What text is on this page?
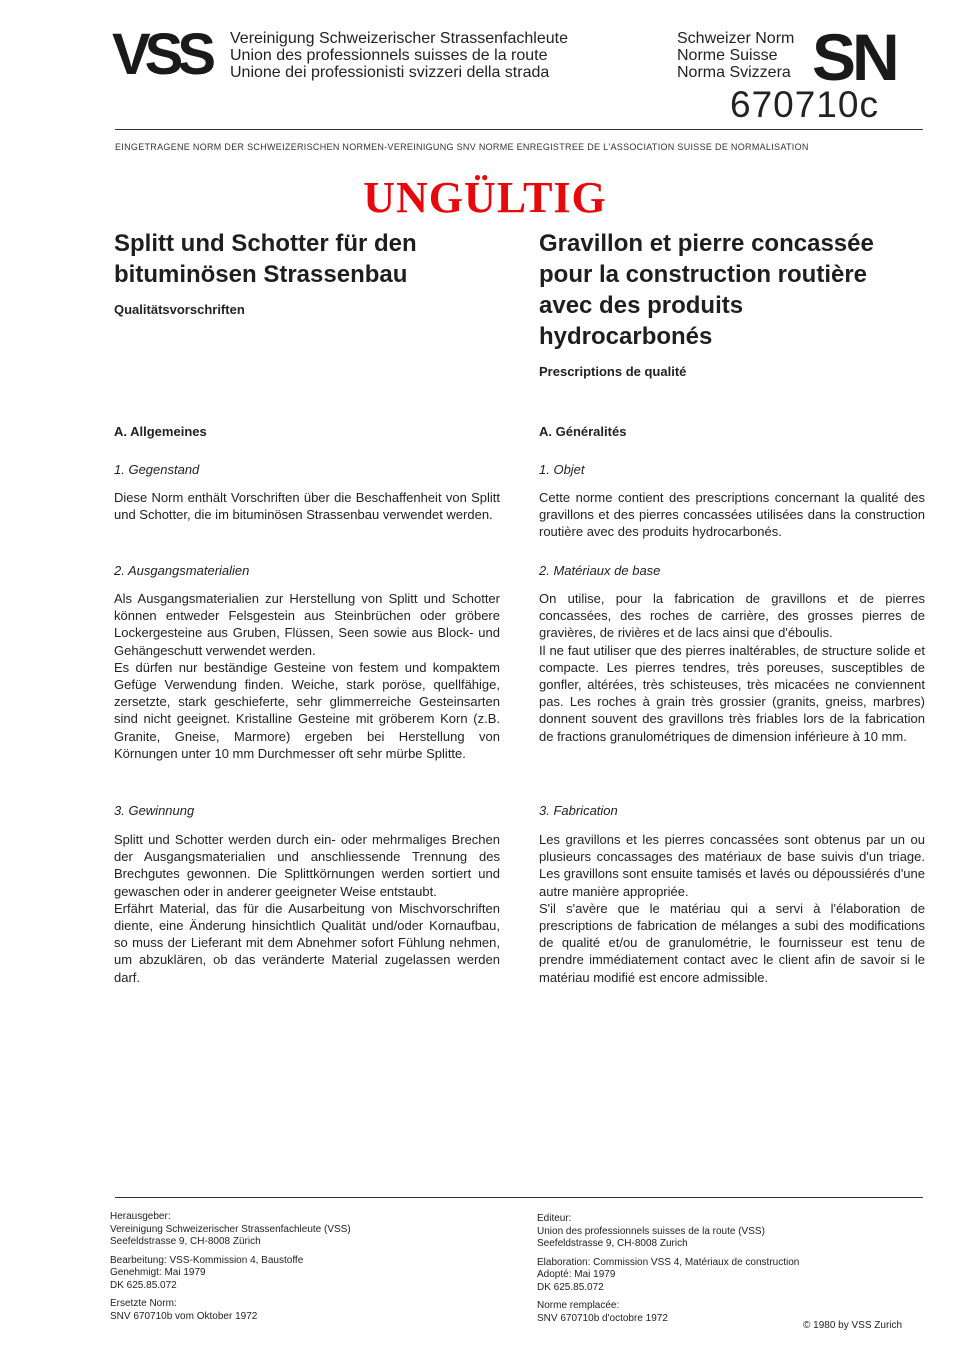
VSS Vereinigung Schweizerischer Strassenfachleute
Union des professionnels suisses de la route
Unione dei professionisti svizzeri della strada
Schweizer Norm
Norme Suisse
Norma Svizzera SN
670710c
EINGETRAGENE NORM DER SCHWEIZERISCHEN NORMEN-VEREINIGUNG SNV NORME ENREGISTREE DE L'ASSOCIATION SUISSE DE NORMALISATION
UNGÜLTIG
Splitt und Schotter für den
bituminösen Strassenbau
Qualitätsvorschriften
A. Allgemeines
1. Gegenstand

Diese Norm enthält Vorschriften über die Beschaffenheit von Splitt und Schotter, die im bituminösen Strassenbau verwendet werden.

2. Ausgangsmaterialien

Als Ausgangsmaterialien zur Herstellung von Splitt und Schotter können entweder Felsgestein aus Steinbrüchen oder gröbere Lockergesteine aus Gruben, Flüssen, Seen sowie aus Block- und Gehängeschutt verwendet werden.

Es dürfen nur beständige Gesteine von festem und kompaktem Gefüge Verwendung finden. Weiche, stark poröse, quellfähige, zersetzte, stark geschieferte, sehr glimmerreiche Gesteinsarten sind nicht geeignet. Kristalline Gesteine mit gröberem Korn (z.B. Granite, Gneise, Marmore) ergeben bei Herstellung von Körnungen unter 10 mm Durchmesser oft sehr mürbe Splitte.

3. Gewinnung

Splitt und Schotter werden durch ein- oder mehrmaliges Brechen der Ausgangsmaterialien und anschliessende Trennung des Brechgutes gewonnen. Die Splittkörnungen werden sortiert und gewaschen oder in anderer geeigneter Weise entstaubt.

Erfährt Material, das für die Ausarbeitung von Mischvorschriften diente, eine Änderung hinsichtlich Qualität und/oder Kornaufbau, so muss der Lieferant mit dem Abnehmer sofort Fühlung nehmen, um abzuklären, ob das veränderte Material zugelassen werden darf.

Gravillon et pierre concassée
pour la construction routière
avec des produits
hydrocarbonés
Prescriptions de qualité
A. Généralités
1. Objet

Cette norme contient des prescriptions concernant la qualité des gravillons et des pierres concassées utilisées dans la construction routière avec des produits hydrocarbonés.

2. Matériaux de base

On utilise, pour la fabrication de gravillons et de pierres concassées, des roches de carrière, des grosses pierres de gravières, de rivières et de lacs ainsi que d'éboulis.

Il ne faut utiliser que des pierres inaltérables, de structure solide et compacte. Les pierres tendres, très poreuses, susceptibles de gonfler, altérées, très schisteuses, très micacées ne conviennent pas. Les roches à grain très grossier (granits, gneiss, marbres) donnent souvent des gravillons très friables lors de la fabrication de fractions granulométriques de dimension inférieure à 10 mm.

3. Fabrication

Les gravillons et les pierres concassées sont obtenus par un ou plusieurs concassages des matériaux de base suivis d'un triage. Les gravillons sont ensuite tamisés et lavés ou dépoussiérés d'une autre manière appropriée.

S'il s'avère que le matériau qui a servi à l'élaboration de prescriptions de fabrication de mélanges a subi des modifications de qualité et/ou de granulométrie, le fournisseur est tenu de prendre immédiatement contact avec le client afin de savoir si le matériau modifié est encore admissible.

Herausgeber:
Vereinigung Schweizerischer Strassenfachleute (VSS)
Seefeldstrasse 9, CH-8008 Zürich
Bearbeitung: VSS-Kommission 4, Baustoffe
Genehmigt: Mai 1979
DK 625.85.072
Ersetzte Norm:
SNV 670710b vom Oktober 1972
Editeur:
Union des professionnels suisses de la route (VSS)
Seefeldstrasse 9, CH-8008 Zurich
Elaboration: Commission VSS 4, Matériaux de construction
Adopté: Mai 1979
DK 625.85.072
Norme remplacée:
SNV 670710b d'octobre 1972
© 1980 by VSS Zurich
